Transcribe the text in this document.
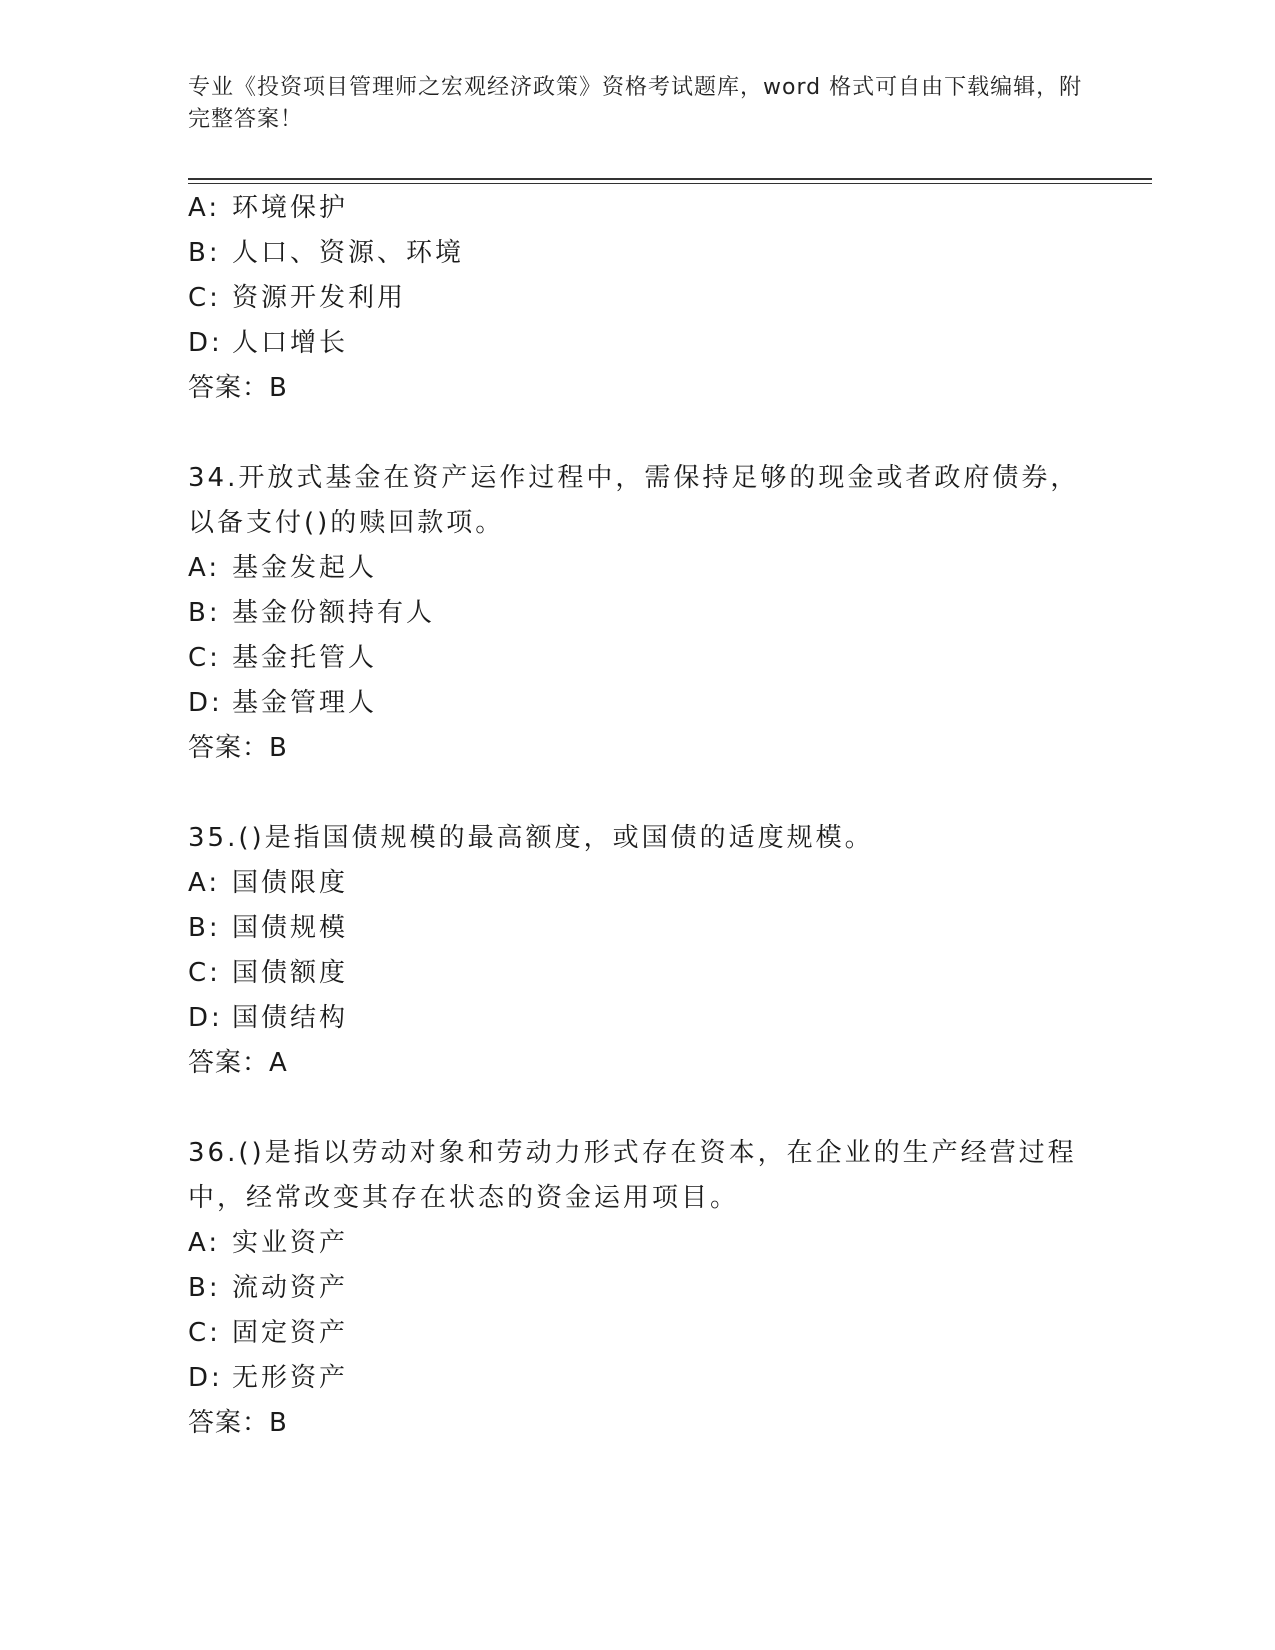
专业《投资项目管理师之宏观经济政策》资格考试题库，word 格式可自由下载编辑，附完整答案！
A: 环境保护
B: 人口、资源、环境
C: 资源开发利用
D: 人口增长
答案：B
34.开放式基金在资产运作过程中，需保持足够的现金或者政府债券，以备支付()的赎回款项。
A: 基金发起人
B: 基金份额持有人
C: 基金托管人
D: 基金管理人
答案：B
35.()是指国债规模的最高额度，或国债的适度规模。
A: 国债限度
B: 国债规模
C: 国债额度
D: 国债结构
答案：A
36.()是指以劳动对象和劳动力形式存在资本，在企业的生产经营过程中，经常改变其存在状态的资金运用项目。
A: 实业资产
B: 流动资产
C: 固定资产
D: 无形资产
答案：B
